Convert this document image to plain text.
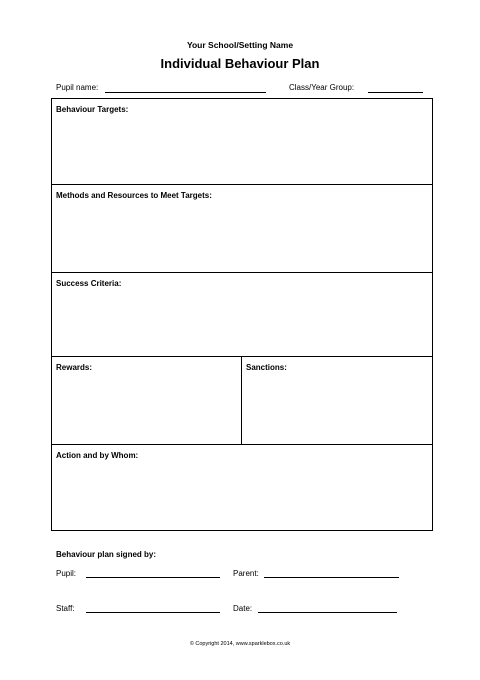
Your School/Setting Name
Individual Behaviour Plan
Pupil name:	Class/Year Group:
Behaviour Targets:
Methods and Resources to Meet Targets:
Success Criteria:
Rewards:	Sanctions:
Action and by Whom:
Behaviour plan signed by:
Pupil:	Parent:
Staff:	Date:
© Copyright 2014, www.sparklebox.co.uk
